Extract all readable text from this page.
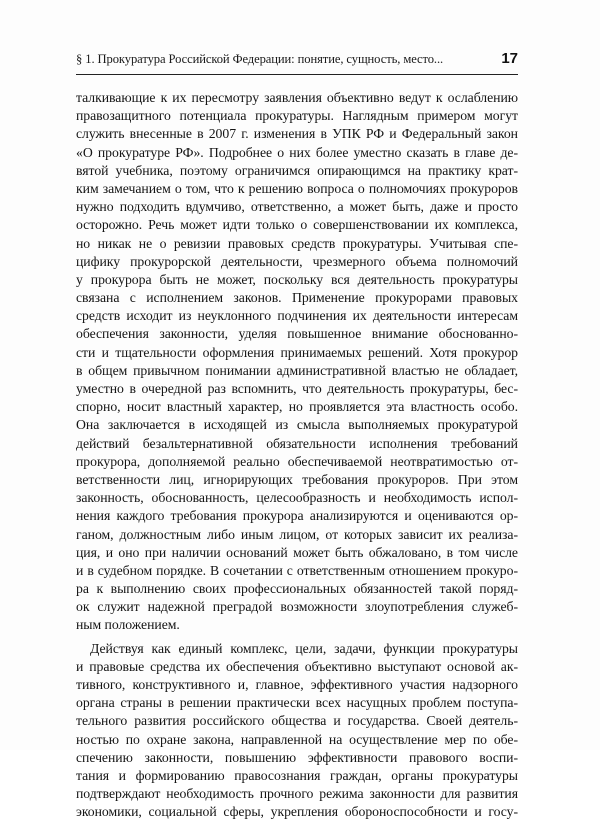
§ 1. Прокуратура Российской Федерации: понятие, сущность, место...	17
талкивающие к их пересмотру заявления объективно ведут к ослаблению
правозащитного потенциала прокуратуры. Наглядным примером могут
служить внесенные в 2007 г. изменения в УПК РФ и Федеральный закон
«О прокуратуре РФ». Подробнее о них более уместно сказать в главе де-
вятой учебника, поэтому ограничимся опирающимся на практику крат-
ким замечанием о том, что к решению вопроса о полномочиях прокуроров
нужно подходить вдумчиво, ответственно, а может быть, даже и просто
осторожно. Речь может идти только о совершенствовании их комплекса,
но никак не о ревизии правовых средств прокуратуры. Учитывая спе-
цифику прокурорской деятельности, чрезмерного объема полномочий
у прокурора быть не может, поскольку вся деятельность прокуратуры
связана с исполнением законов. Применение прокурорами правовых
средств исходит из неуклонного подчинения их деятельности интересам
обеспечения законности, уделяя повышенное внимание обоснованно-
сти и тщательности оформления принимаемых решений. Хотя прокурор
в общем привычном понимании административной властью не обладает,
уместно в очередной раз вспомнить, что деятельность прокуратуры, бес-
спорно, носит властный характер, но проявляется эта властность особо.
Она заключается в исходящей из смысла выполняемых прокуратурой
действий безальтернативной обязательности исполнения требований
прокурора, дополняемой реально обеспечиваемой неотвратимостью от-
ветственности лиц, игнорирующих требования прокуроров. При этом
законность, обоснованность, целесообразность и необходимость испол-
нения каждого требования прокурора анализируются и оцениваются ор-
ганом, должностным либо иным лицом, от которых зависит их реализа-
ция, и оно при наличии оснований может быть обжаловано, в том числе
и в судебном порядке. В сочетании с ответственным отношением прокуро-
ра к выполнению своих профессиональных обязанностей такой поряд-
ок служит надежной преградой возможности злоупотребления служеб-
ным положением.
Действуя как единый комплекс, цели, задачи, функции прокуратуры
и правовые средства их обеспечения объективно выступают основой ак-
тивного, конструктивного и, главное, эффективного участия надзорного
органа страны в решении практически всех насущных проблем поступа-
тельного развития российского общества и государства. Своей деятель-
ностью по охране закона, направленной на осуществление мер по обе-
спечению законности, повышению эффективности правового воспи-
тания и формированию правосознания граждан, органы прокуратуры
подтверждают необходимость прочного режима законности для развития
экономики, социальной сферы, укрепления обороноспособности и госу-
